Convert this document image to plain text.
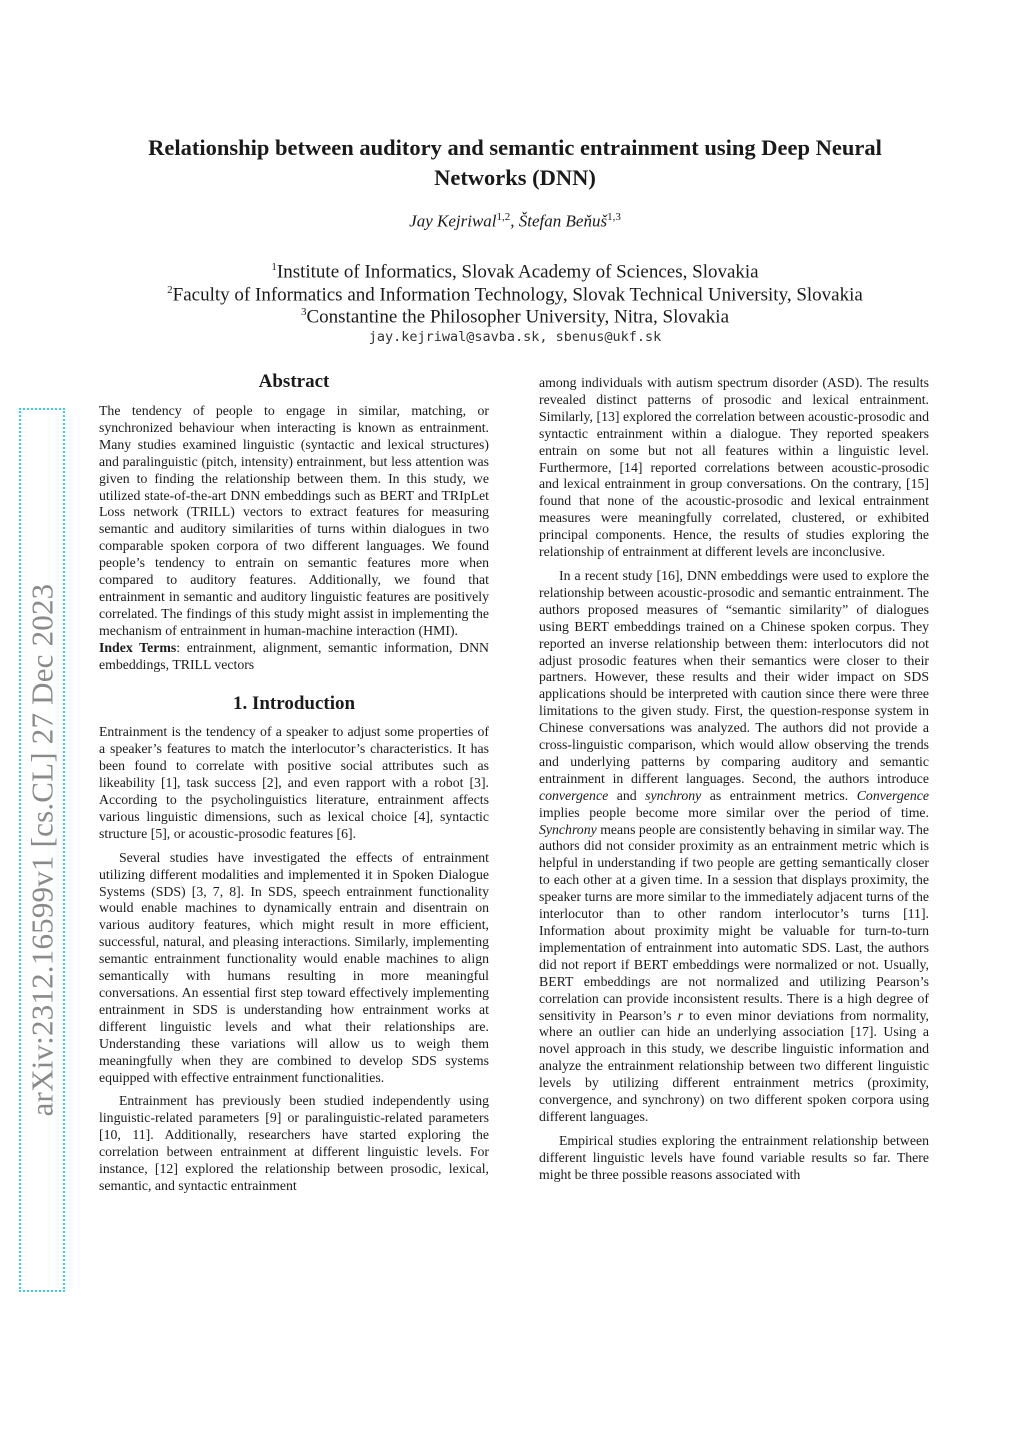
Relationship between auditory and semantic entrainment using Deep Neural Networks (DNN)
Jay Kejriwal$^{1,2}$, Štefan Beňuš$^{1,3}$
$^1$Institute of Informatics, Slovak Academy of Sciences, Slovakia
$^2$Faculty of Informatics and Information Technology, Slovak Technical University, Slovakia
$^3$Constantine the Philosopher University, Nitra, Slovakia
jay.kejriwal@savba.sk, sbenus@ukf.sk
arXiv:2312.16599v1 [cs.CL] 27 Dec 2023
Abstract

The tendency of people to engage in similar, matching, or synchronized behaviour when interacting is known as entrainment. Many studies examined linguistic (syntactic and lexical structures) and paralinguistic (pitch, intensity) entrainment, but less attention was given to finding the relationship between them. In this study, we utilized state-of-the-art DNN embeddings such as BERT and TRIpLet Loss network (TRILL) vectors to extract features for measuring semantic and auditory similarities of turns within dialogues in two comparable spoken corpora of two different languages. We found people’s tendency to entrain on semantic features more when compared to auditory features. Additionally, we found that entrainment in semantic and auditory linguistic features are positively correlated. The findings of this study might assist in implementing the mechanism of entrainment in human-machine interaction (HMI).

Index Terms: entrainment, alignment, semantic information, DNN embeddings, TRILL vectors

1. Introduction

Entrainment is the tendency of a speaker to adjust some properties of a speaker’s features to match the interlocutor’s characteristics. It has been found to correlate with positive social attributes such as likeability [1], task success [2], and even rapport with a robot [3]. According to the psycholinguistics literature, entrainment affects various linguistic dimensions, such as lexical choice [4], syntactic structure [5], or acoustic-prosodic features [6].

Several studies have investigated the effects of entrainment utilizing different modalities and implemented it in Spoken Dialogue Systems (SDS) [3, 7, 8]. In SDS, speech entrainment functionality would enable machines to dynamically entrain and disentrain on various auditory features, which might result in more efficient, successful, natural, and pleasing interactions. Similarly, implementing semantic entrainment functionality would enable machines to align semantically with humans resulting in more meaningful conversations. An essential first step toward effectively implementing entrainment in SDS is understanding how entrainment works at different linguistic levels and what their relationships are. Understanding these variations will allow us to weigh them meaningfully when they are combined to develop SDS systems equipped with effective entrainment functionalities.

Entrainment has previously been studied independently using linguistic-related parameters [9] or paralinguistic-related parameters [10, 11]. Additionally, researchers have started exploring the correlation between entrainment at different linguistic levels. For instance, [12] explored the relationship between prosodic, lexical, semantic, and syntactic entrainment

among individuals with autism spectrum disorder (ASD). The results revealed distinct patterns of prosodic and lexical entrainment. Similarly, [13] explored the correlation between acoustic-prosodic and syntactic entrainment within a dialogue. They reported speakers entrain on some but not all features within a linguistic level. Furthermore, [14] reported correlations between acoustic-prosodic and lexical entrainment in group conversations. On the contrary, [15] found that none of the acoustic-prosodic and lexical entrainment measures were meaningfully correlated, clustered, or exhibited principal components. Hence, the results of studies exploring the relationship of entrainment at different levels are inconclusive.

In a recent study [16], DNN embeddings were used to explore the relationship between acoustic-prosodic and semantic entrainment. The authors proposed measures of “semantic similarity” of dialogues using BERT embeddings trained on a Chinese spoken corpus. They reported an inverse relationship between them: interlocutors did not adjust prosodic features when their semantics were closer to their partners. However, these results and their wider impact on SDS applications should be interpreted with caution since there were three limitations to the given study. First, the question-response system in Chinese conversations was analyzed. The authors did not provide a cross-linguistic comparison, which would allow observing the trends and underlying patterns by comparing auditory and semantic entrainment in different languages. Second, the authors introduce convergence and synchrony as entrainment metrics. Convergence implies people become more similar over the period of time. Synchrony means people are consistently behaving in similar way. The authors did not consider proximity as an entrainment metric which is helpful in understanding if two people are getting semantically closer to each other at a given time. In a session that displays proximity, the speaker turns are more similar to the immediately adjacent turns of the interlocutor than to other random interlocutor’s turns [11]. Information about proximity might be valuable for turn-to-turn implementation of entrainment into automatic SDS. Last, the authors did not report if BERT embeddings were normalized or not. Usually, BERT embeddings are not normalized and utilizing Pearson’s correlation can provide inconsistent results. There is a high degree of sensitivity in Pearson’s r to even minor deviations from normality, where an outlier can hide an underlying association [17]. Using a novel approach in this study, we describe linguistic information and analyze the entrainment relationship between two different linguistic levels by utilizing different entrainment metrics (proximity, convergence, and synchrony) on two different spoken corpora using different languages.

Empirical studies exploring the entrainment relationship between different linguistic levels have found variable results so far. There might be three possible reasons associated with
